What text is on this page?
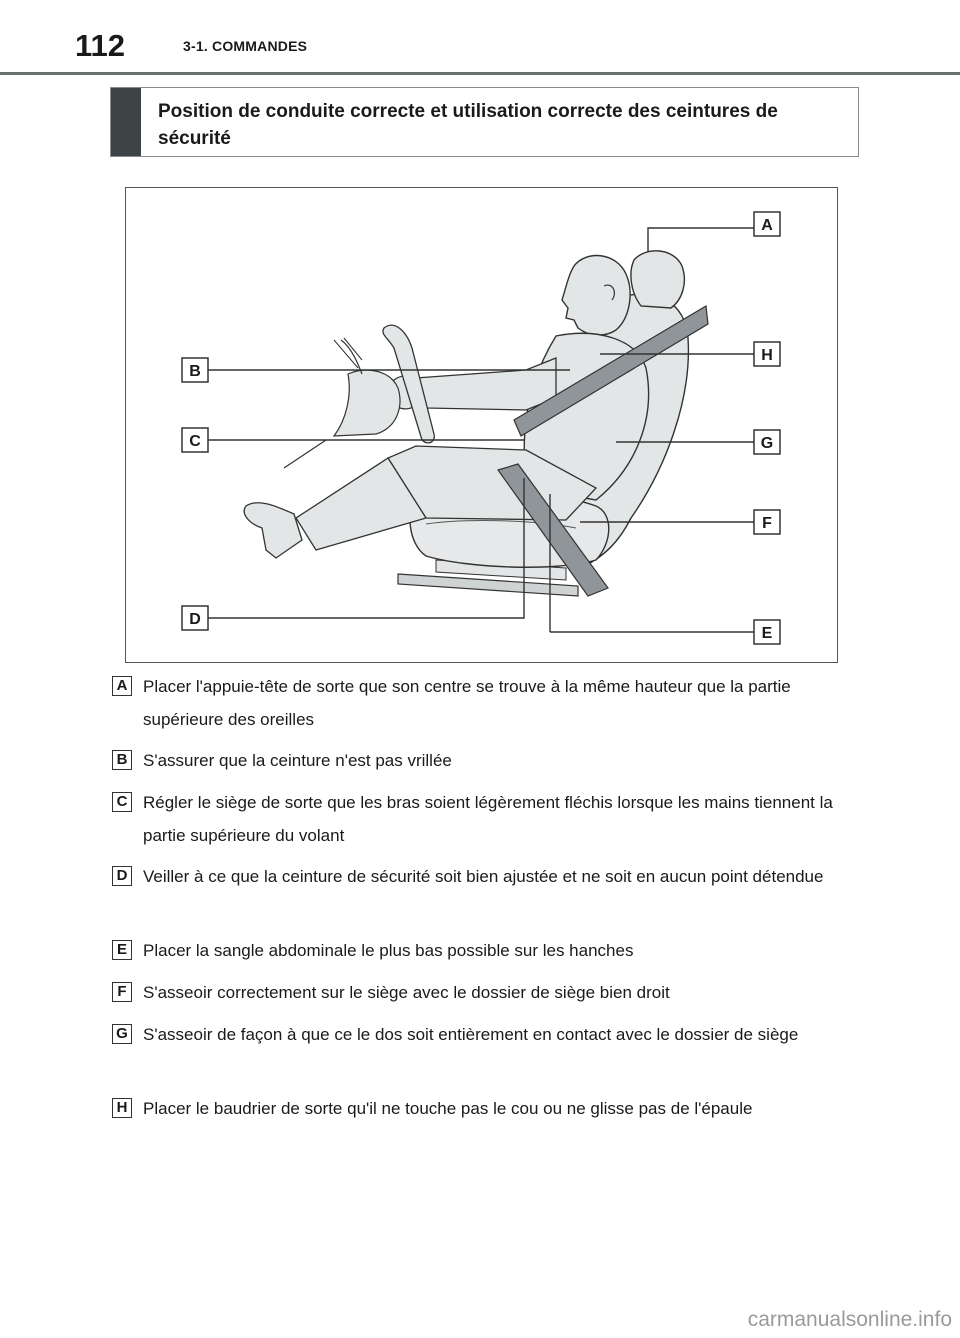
112	3-1. COMMANDES
Position de conduite correcte et utilisation correcte des ceintures de sécurité
A
H
B
C	G
F
D
E
A Placer l'appuie-tête de sorte que son centre se trouve à la même hauteur que la partie supérieure des oreilles
B S'assurer que la ceinture n'est pas vrillée
C Régler le siège de sorte que les bras soient légèrement fléchis lorsque les mains tiennent la partie supérieure du volant
D Veiller à ce que la ceinture de sécurité soit bien ajustée et ne soit en aucun point détendue
E Placer la sangle abdominale le plus bas possible sur les hanches
F S'asseoir correctement sur le siège avec le dossier de siège bien droit
G S'asseoir de façon à que ce le dos soit entièrement en contact avec le dossier de siège
H Placer le baudrier de sorte qu'il ne touche pas le cou ou ne glisse pas de l'épaule
carmanualsonline.info
